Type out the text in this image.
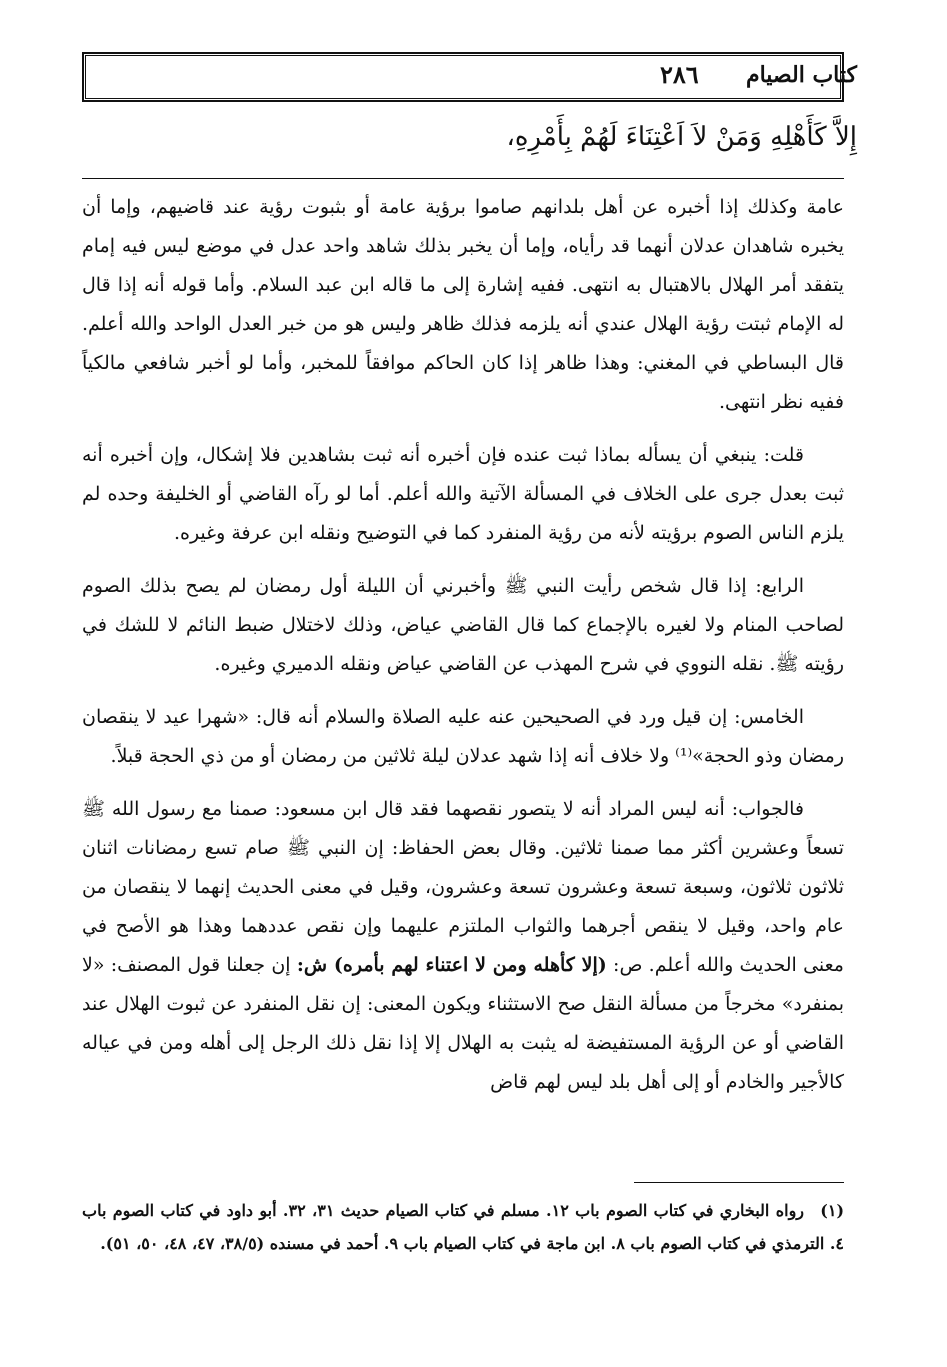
كتاب الصيام
٢٨٦
إِلاَّ كَأَهْلِهِ وَمَنْ لاَ اَعْتِنَاءَ لَهُمْ بِأَمْرِهِ،

عامة وكذلك إذا أخبره عن أهل بلدانهم صاموا برؤية عامة أو بثبوت رؤية عند قاضيهم، وإما أن يخبره شاهدان عدلان أنهما قد رأياه، وإما أن يخبر بذلك شاهد واحد عدل في موضع ليس فيه إمام يتفقد أمر الهلال بالاهتبال به انتهى. ففيه إشارة إلى ما قاله ابن عبد السلام. وأما قوله أنه إذا قال له الإمام ثبتت رؤية الهلال عندي أنه يلزمه فذلك ظاهر وليس هو من خبر العدل الواحد والله أعلم. قال البساطي في المغني: وهذا ظاهر إذا كان الحاكم موافقاً للمخبر، وأما لو أخبر شافعي مالكياً ففيه نظر انتهى.

قلت: ينبغي أن يسأله بماذا ثبت عنده فإن أخبره أنه ثبت بشاهدين فلا إشكال، وإن أخبره أنه ثبت بعدل جرى على الخلاف في المسألة الآتية والله أعلم. أما لو رآه القاضي أو الخليفة وحده لم يلزم الناس الصوم برؤيته لأنه من رؤية المنفرد كما في التوضيح ونقله ابن عرفة وغيره.

الرابع: إذا قال شخص رأيت النبي ﷺ وأخبرني أن الليلة أول رمضان لم يصح بذلك الصوم لصاحب المنام ولا لغيره بالإجماع كما قال القاضي عياض، وذلك لاختلال ضبط النائم لا للشك في رؤيته ﷺ. نقله النووي في شرح المهذب عن القاضي عياض ونقله الدميري وغيره.

الخامس: إن قيل ورد في الصحيحين عنه عليه الصلاة والسلام أنه قال: «شهرا عيد لا ينقصان رمضان وذو الحجة»⁽¹⁾ ولا خلاف أنه إذا شهد عدلان ليلة ثلاثين من رمضان أو من ذي الحجة قبلاً.

فالجواب: أنه ليس المراد أنه لا يتصور نقصهما فقد قال ابن مسعود: صمنا مع رسول الله ﷺ تسعاً وعشرين أكثر مما صمنا ثلاثين. وقال بعض الحفاظ: إن النبي ﷺ صام تسع رمضانات اثنان ثلاثون ثلاثون، وسبعة تسعة وعشرون تسعة وعشرون، وقيل في معنى الحديث إنهما لا ينقصان من عام واحد، وقيل لا ينقص أجرهما والثواب الملتزم عليهما وإن نقص عددهما وهذا هو الأصح في معنى الحديث والله أعلم. ص: (إلا كأهله ومن لا اعتناء لهم بأمره) ش: إن جعلنا قول المصنف: «لا بمنفرد» مخرجاً من مسألة النقل صح الاستثناء ويكون المعنى: إن نقل المنفرد عن ثبوت الهلال عند القاضي أو عن الرؤية المستفيضة له يثبت به الهلال إلا إذا نقل ذلك الرجل إلى أهله ومن في عياله كالأجير والخادم أو إلى أهل بلد ليس لهم قاض

(١)رواه البخاري في كتاب الصوم باب ١٢. مسلم في كتاب الصيام حديث ٣١، ٣٢. أبو داود في كتاب الصوم باب ٤. الترمذي في كتاب الصوم باب ٨. ابن ماجة في كتاب الصيام باب ٩. أحمد في مسنده (٣٨/٥، ٤٧، ٤٨، ٥٠، ٥١).
